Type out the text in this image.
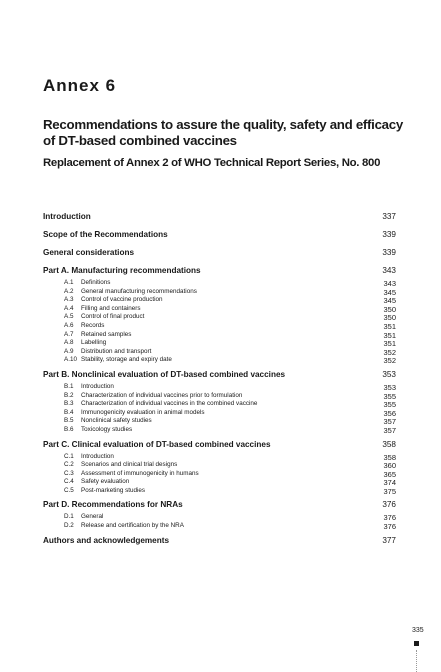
Annex 6
Recommendations to assure the quality, safety and efficacy of DT-based combined vaccines
Replacement of Annex 2 of WHO Technical Report Series, No. 800
Introduction	337
Scope of the Recommendations	339
General considerations	339
Part A. Manufacturing recommendations	343
A.1 Definitions	343
A.2 General manufacturing recommendations	345
A.3 Control of vaccine production	345
A.4 Filling and containers	350
A.5 Control of final product	350
A.6 Records	351
A.7 Retained samples	351
A.8 Labelling	351
A.9 Distribution and transport	352
A.10 Stability, storage and expiry date	352
Part B. Nonclinical evaluation of DT-based combined vaccines	353
B.1 Introduction	353
B.2 Characterization of individual vaccines prior to formulation	355
B.3 Characterization of individual vaccines in the combined vaccine	355
B.4 Immunogenicity evaluation in animal models	356
B.5 Nonclinical safety studies	357
B.6 Toxicology studies	357
Part C. Clinical evaluation of DT-based combined vaccines	358
C.1 Introduction	358
C.2 Scenarios and clinical trial designs	360
C.3 Assessment of immunogenicity in humans	365
C.4 Safety evaluation	374
C.5 Post-marketing studies	375
Part D. Recommendations for NRAs	376
D.1 General	376
D.2 Release and certification by the NRA	376
Authors and acknowledgements	377
335
